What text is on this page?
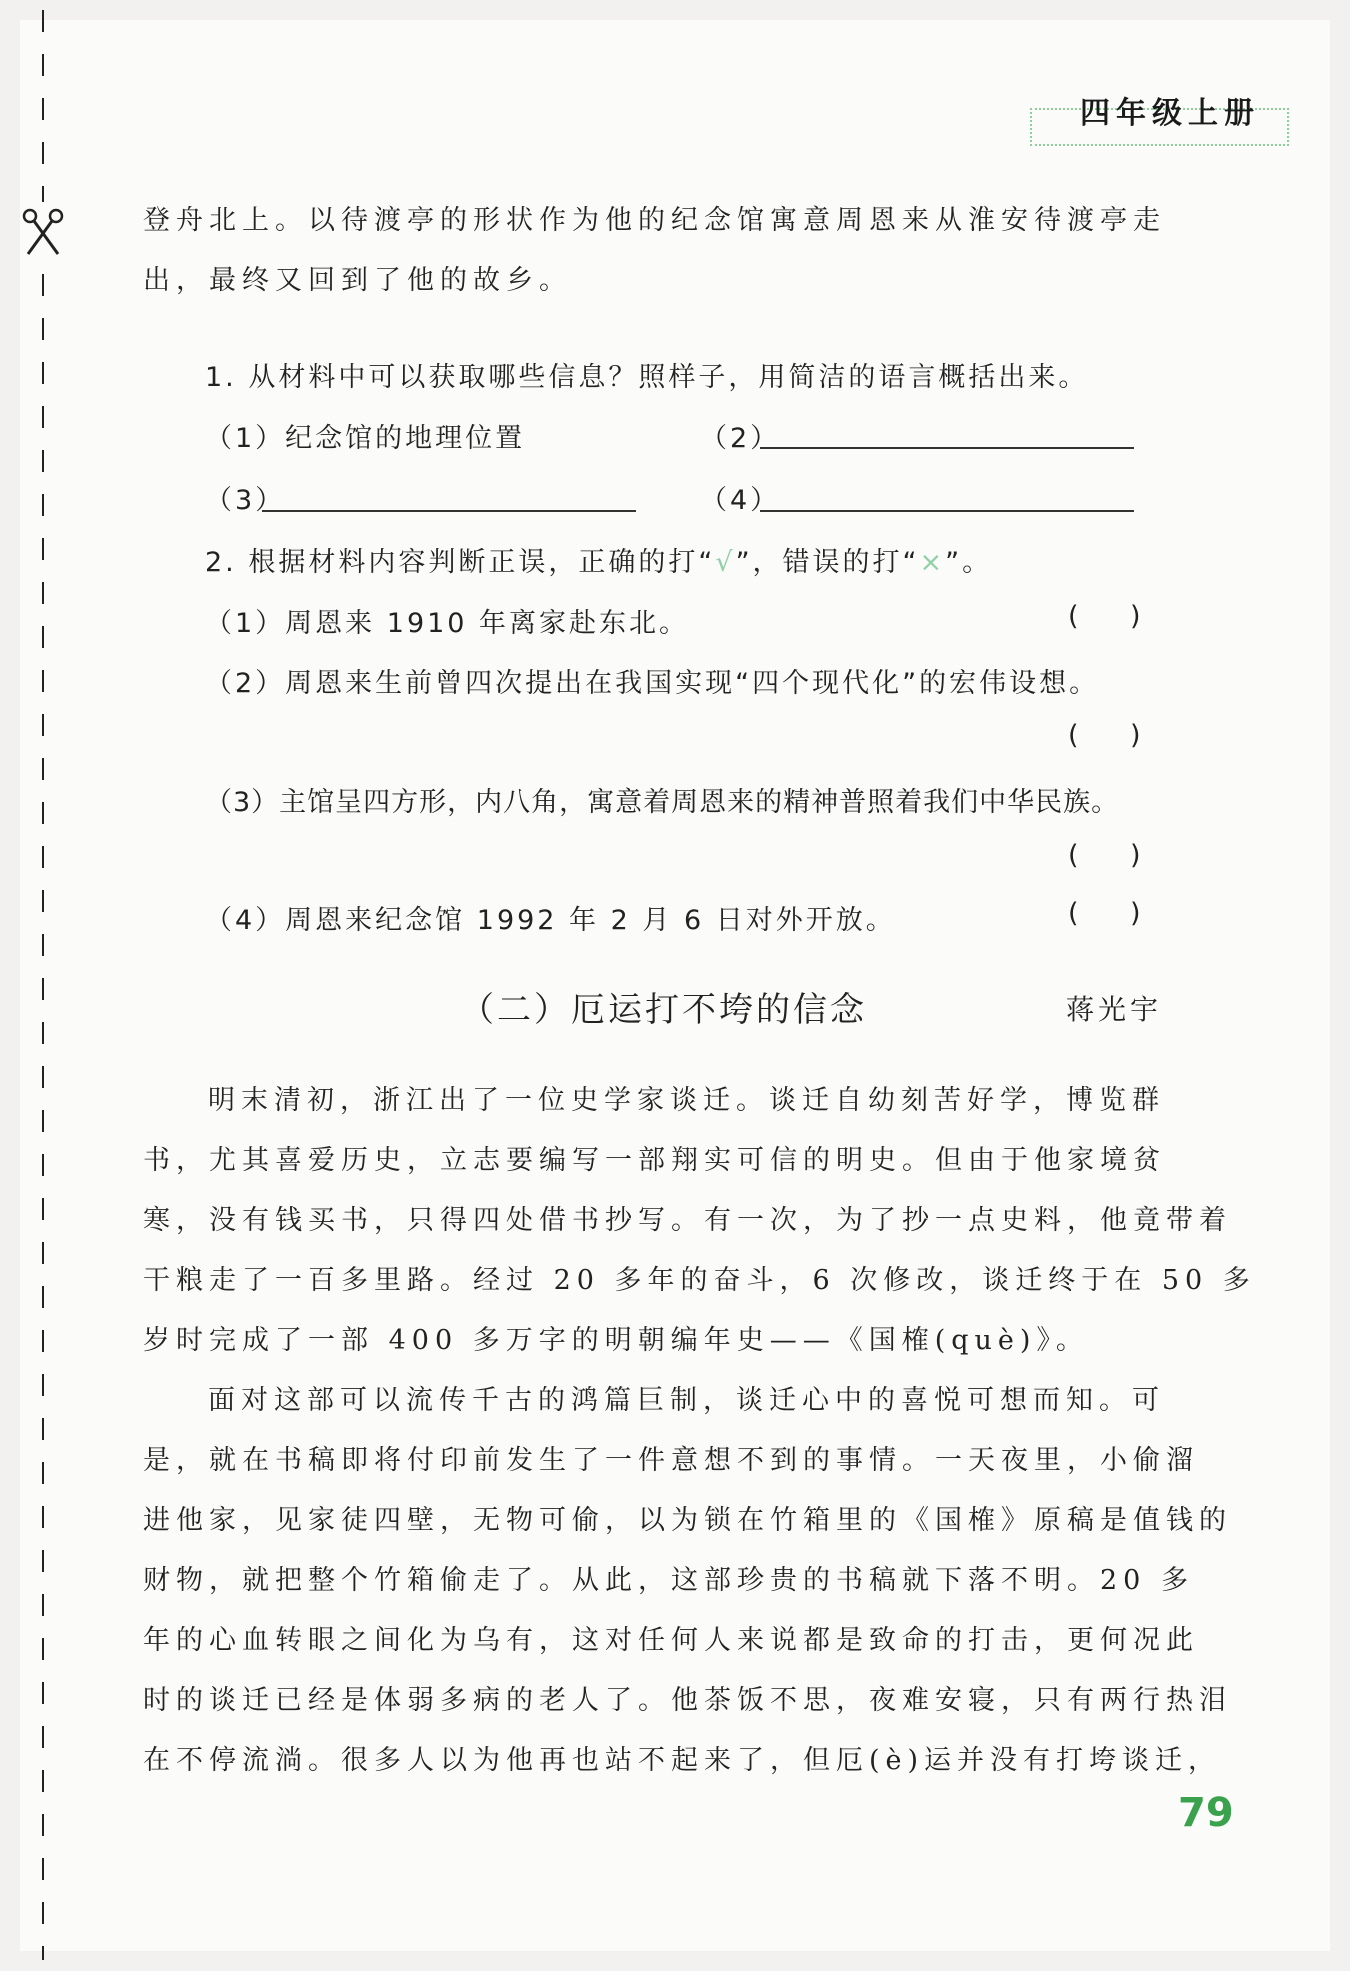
四年级上册
登舟北上。以待渡亭的形状作为他的纪念馆寓意周恩来从淮安待渡亭走
出，最终又回到了他的故乡。
1. 从材料中可以获取哪些信息？照样子，用简洁的语言概括出来。
（1）纪念馆的地理位置	（2）
（3）	（4）
2. 根据材料内容判断正误，正确的打“√”，错误的打“×”。
（1）周恩来 1910 年离家赴东北。	(      )
（2）周恩来生前曾四次提出在我国实现“四个现代化”的宏伟设想。
(      )
（3）主馆呈四方形，内八角，寓意着周恩来的精神普照着我们中华民族。
(      )
（4）周恩来纪念馆 1992 年 2 月 6 日对外开放。	(      )
（二）厄运打不垮的信念	蒋光宇
明末清初，浙江出了一位史学家谈迁。谈迁自幼刻苦好学，博览群
书，尤其喜爱历史，立志要编写一部翔实可信的明史。但由于他家境贫
寒，没有钱买书，只得四处借书抄写。有一次，为了抄一点史料，他竟带着
干粮走了一百多里路。经过 20 多年的奋斗，6 次修改，谈迁终于在 50 多
岁时完成了一部 400 多万字的明朝编年史——《国榷(què)》。
面对这部可以流传千古的鸿篇巨制，谈迁心中的喜悦可想而知。可
是，就在书稿即将付印前发生了一件意想不到的事情。一天夜里，小偷溜
进他家，见家徒四壁，无物可偷，以为锁在竹箱里的《国榷》原稿是值钱的
财物，就把整个竹箱偷走了。从此，这部珍贵的书稿就下落不明。20 多
年的心血转眼之间化为乌有，这对任何人来说都是致命的打击，更何况此
时的谈迁已经是体弱多病的老人了。他茶饭不思，夜难安寝，只有两行热泪
在不停流淌。很多人以为他再也站不起来了，但厄(è)运并没有打垮谈迁，
79
